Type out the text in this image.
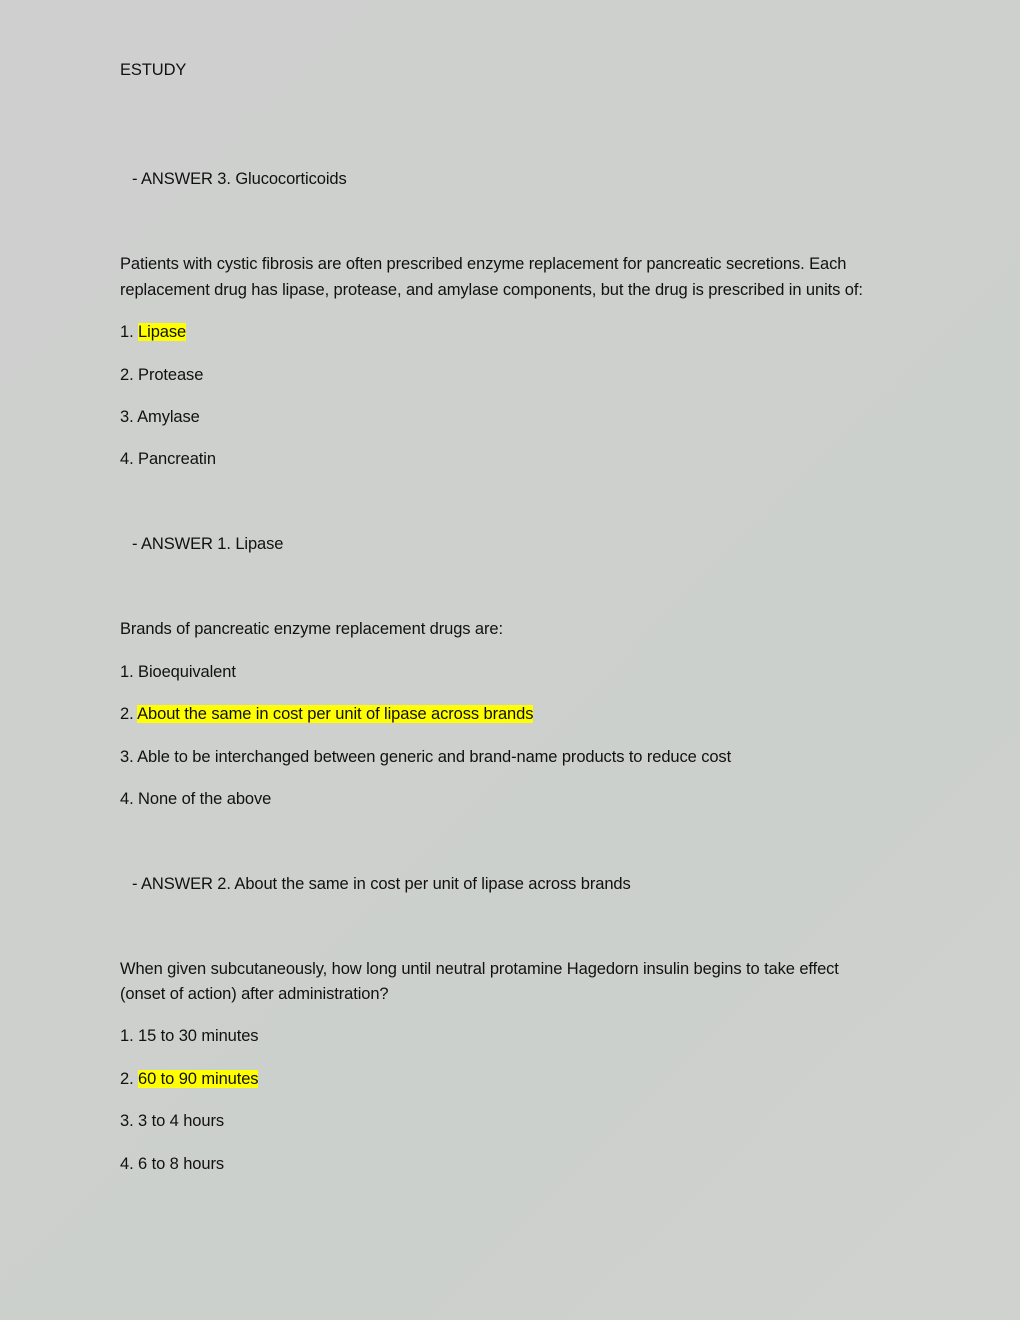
ESTUDY
- ANSWER 3. Glucocorticoids
Patients with cystic fibrosis are often prescribed enzyme replacement for pancreatic secretions. Each
replacement drug has lipase, protease, and amylase components, but the drug is prescribed in units of:
1. Lipase
2. Protease
3. Amylase
4. Pancreatin
- ANSWER 1. Lipase
Brands of pancreatic enzyme replacement drugs are:
1. Bioequivalent
2. About the same in cost per unit of lipase across brands
3. Able to be interchanged between generic and brand-name products to reduce cost
4. None of the above
- ANSWER 2. About the same in cost per unit of lipase across brands
When given subcutaneously, how long until neutral protamine Hagedorn insulin begins to take effect
(onset of action) after administration?
1. 15 to 30 minutes
2. 60 to 90 minutes
3. 3 to 4 hours
4. 6 to 8 hours
